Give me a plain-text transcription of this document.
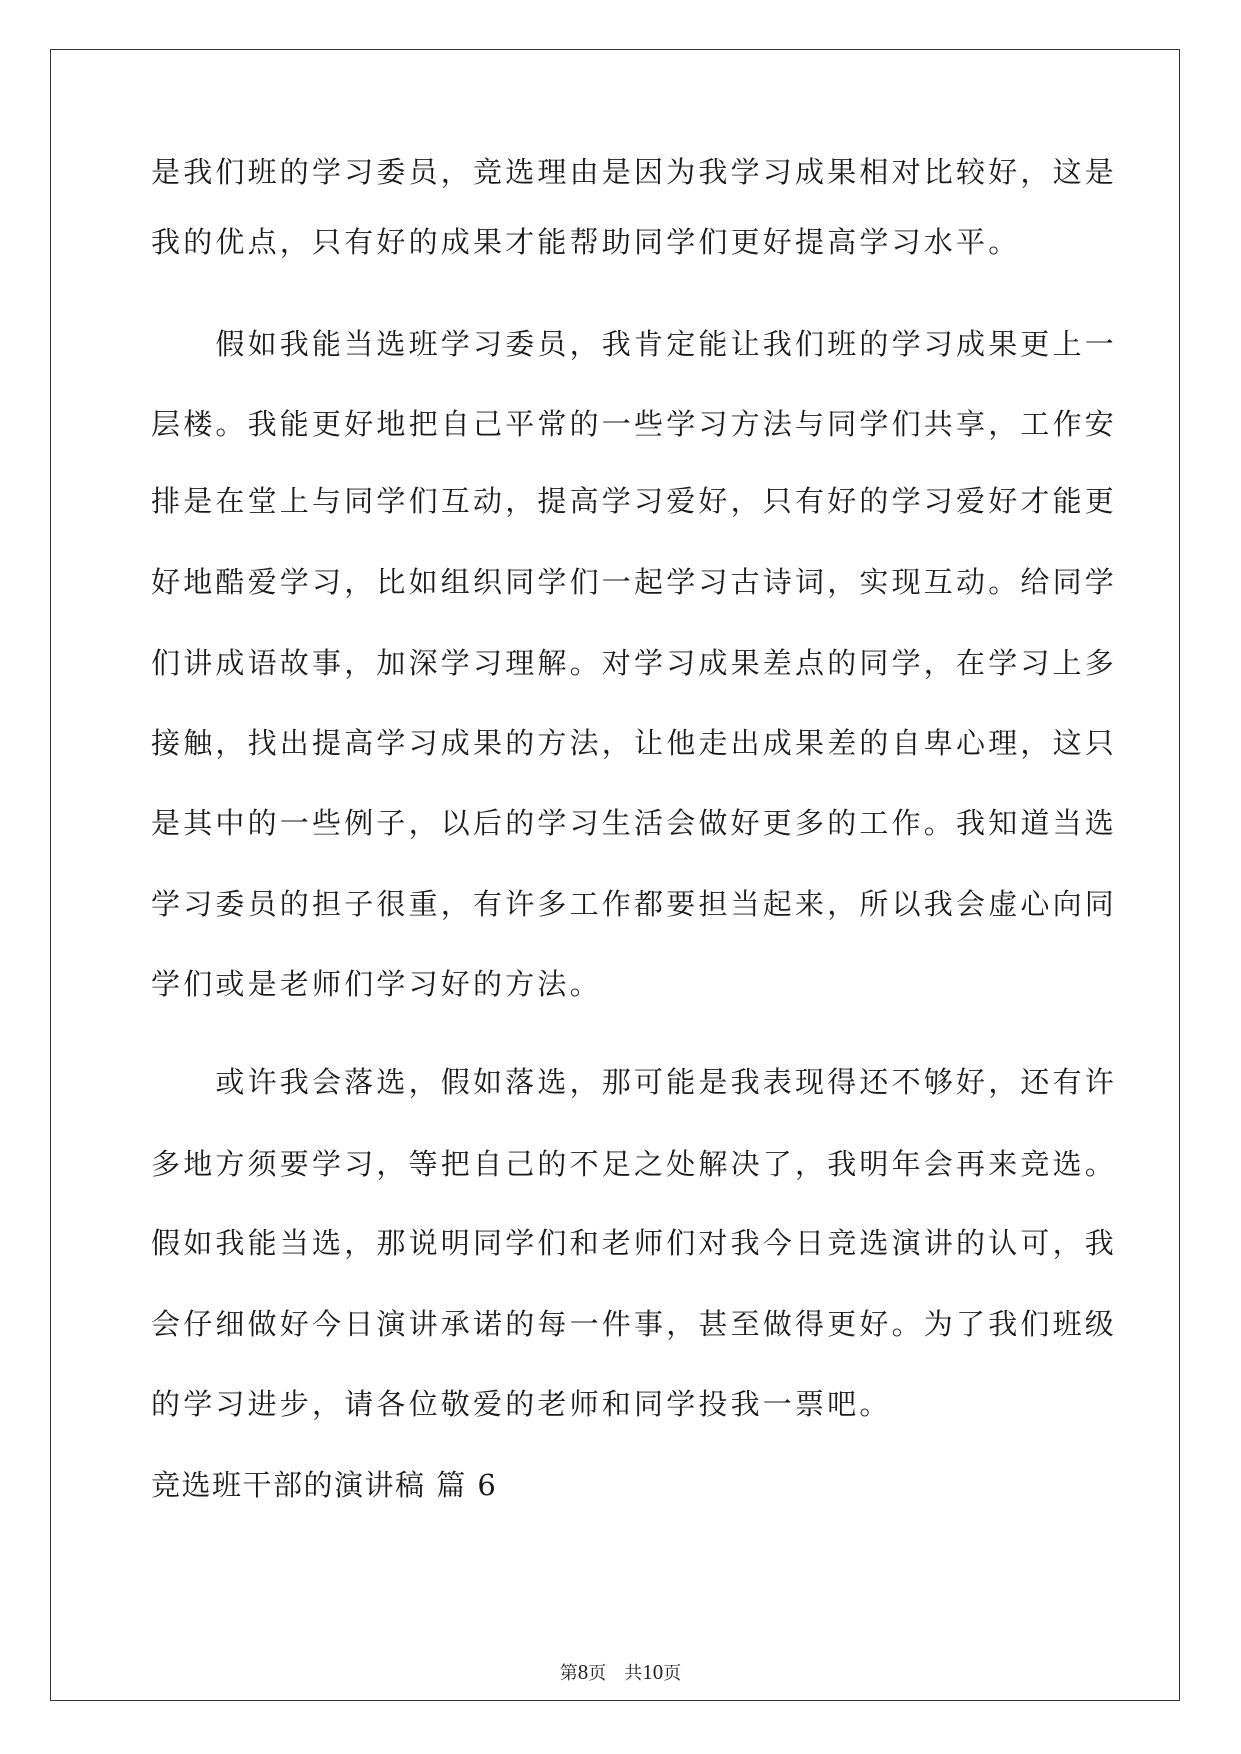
是我们班的学习委员，竞选理由是因为我学习成果相对比较好，这是
我的优点，只有好的成果才能帮助同学们更好提高学习水平。
　　假如我能当选班学习委员，我肯定能让我们班的学习成果更上一
层楼。我能更好地把自己平常的一些学习方法与同学们共享，工作安
排是在堂上与同学们互动，提高学习爱好，只有好的学习爱好才能更
好地酷爱学习，比如组织同学们一起学习古诗词，实现互动。给同学
们讲成语故事，加深学习理解。对学习成果差点的同学，在学习上多
接触，找出提高学习成果的方法，让他走出成果差的自卑心理，这只
是其中的一些例子，以后的学习生活会做好更多的工作。我知道当选
学习委员的担子很重，有许多工作都要担当起来，所以我会虚心向同
学们或是老师们学习好的方法。
　　或许我会落选，假如落选，那可能是我表现得还不够好，还有许
多地方须要学习，等把自己的不足之处解决了，我明年会再来竞选。
假如我能当选，那说明同学们和老师们对我今日竞选演讲的认可，我
会仔细做好今日演讲承诺的每一件事，甚至做得更好。为了我们班级
的学习进步，请各位敬爱的老师和同学投我一票吧。
竞选班干部的演讲稿 篇 6
第8页 共10页
